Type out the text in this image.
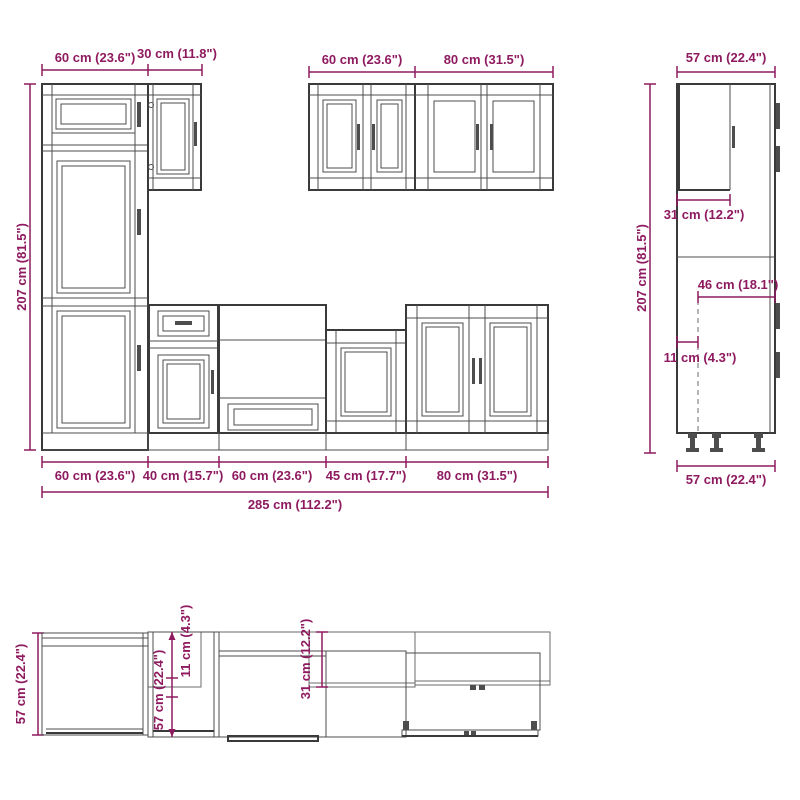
60 cm (23.6") 30 cm (11.8")	60 cm (23.6")	80 cm (31.5")
207 cm (81.5")
60 cm (23.6") 40 cm (15.7") 60 cm (23.6") 45 cm (17.7") 80 cm (31.5")
285 cm (112.2")
57 cm (22.4")
207 cm (81.5")
31 cm (12.2")
46 cm (18.1")
11 cm (4.3")
57 cm (22.4")
57 cm (22.4")	57 cm (22.4")
11 cm (4.3")	31 cm (12.2")
